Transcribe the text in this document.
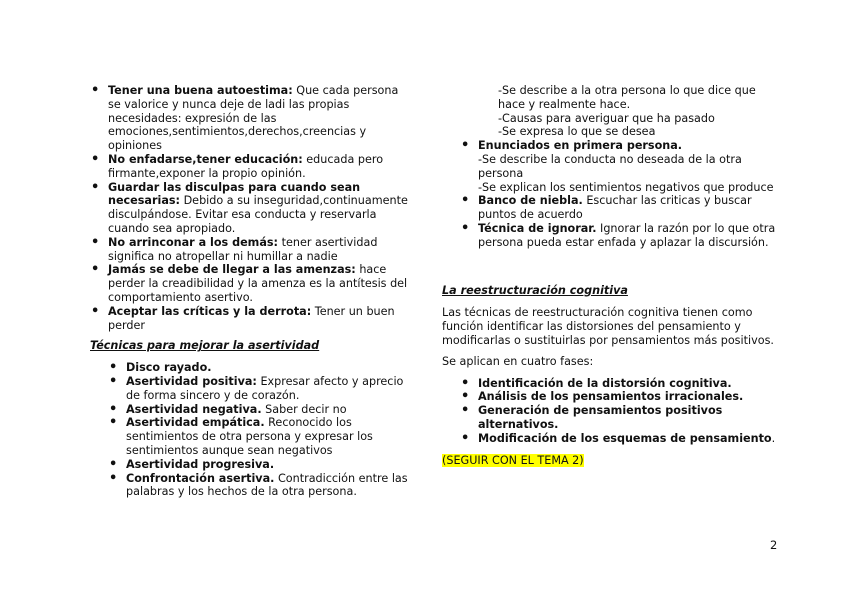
• Tener una buena autoestima: Que cada persona se valorice y nunca deje de ladi las propias necesidades: expresión de las emociones,sentimientos,derechos,creencias y opiniones
• No enfadarse,tener educación: educada pero firmante,exponer la propio opinión.
• Guardar las disculpas para cuando sean necesarias: Debido a su inseguridad,continuamente disculpándose. Evitar esa conducta y reservarla cuando sea apropiado.
• No arrinconar a los demás: tener asertividad significa no atropellar ni humillar a nadie
• Jamás se debe de llegar a las amenzas: hace perder la creadibilidad y la amenza es la antítesis del comportamiento asertivo.
• Aceptar las críticas y la derrota: Tener un buen perder

Técnicas para mejorar la asertividad

• Disco rayado.
• Asertividad positiva: Expresar afecto y aprecio de forma sincero y de corazón.
• Asertividad negativa. Saber decir no
• Asertividad empática. Reconocido los sentimientos de otra persona y expresar los sentimientos aunque sean negativos
• Asertividad progresiva.
• Confrontación asertiva. Contradicción entre las palabras y los hechos de la otra persona.
-Se describe a la otra persona lo que dice que hace y realmente hace.
-Causas para averiguar que ha pasado
-Se expresa lo que se desea
• Enunciados en primera persona.
-Se describe la conducta no deseada de la otra persona
-Se explican los sentimientos negativos que produce
• Banco de niebla. Escuchar las criticas y buscar puntos de acuerdo
• Técnica de ignorar. Ignorar la razón por lo que otra persona pueda estar enfada y aplazar la discursión.

La reestructuración cognitiva

Las técnicas de reestructuración cognitiva tienen como función identificar las distorsiones del pensamiento y modificarlas o sustituirlas por pensamientos más positivos.

Se aplican en cuatro fases:

• Identificación de la distorsión cognitiva.
• Análisis de los pensamientos irracionales.
• Generación de pensamientos positivos alternativos.
• Modificación de los esquemas de pensamiento.

(SEGUIR CON EL TEMA 2)

2
